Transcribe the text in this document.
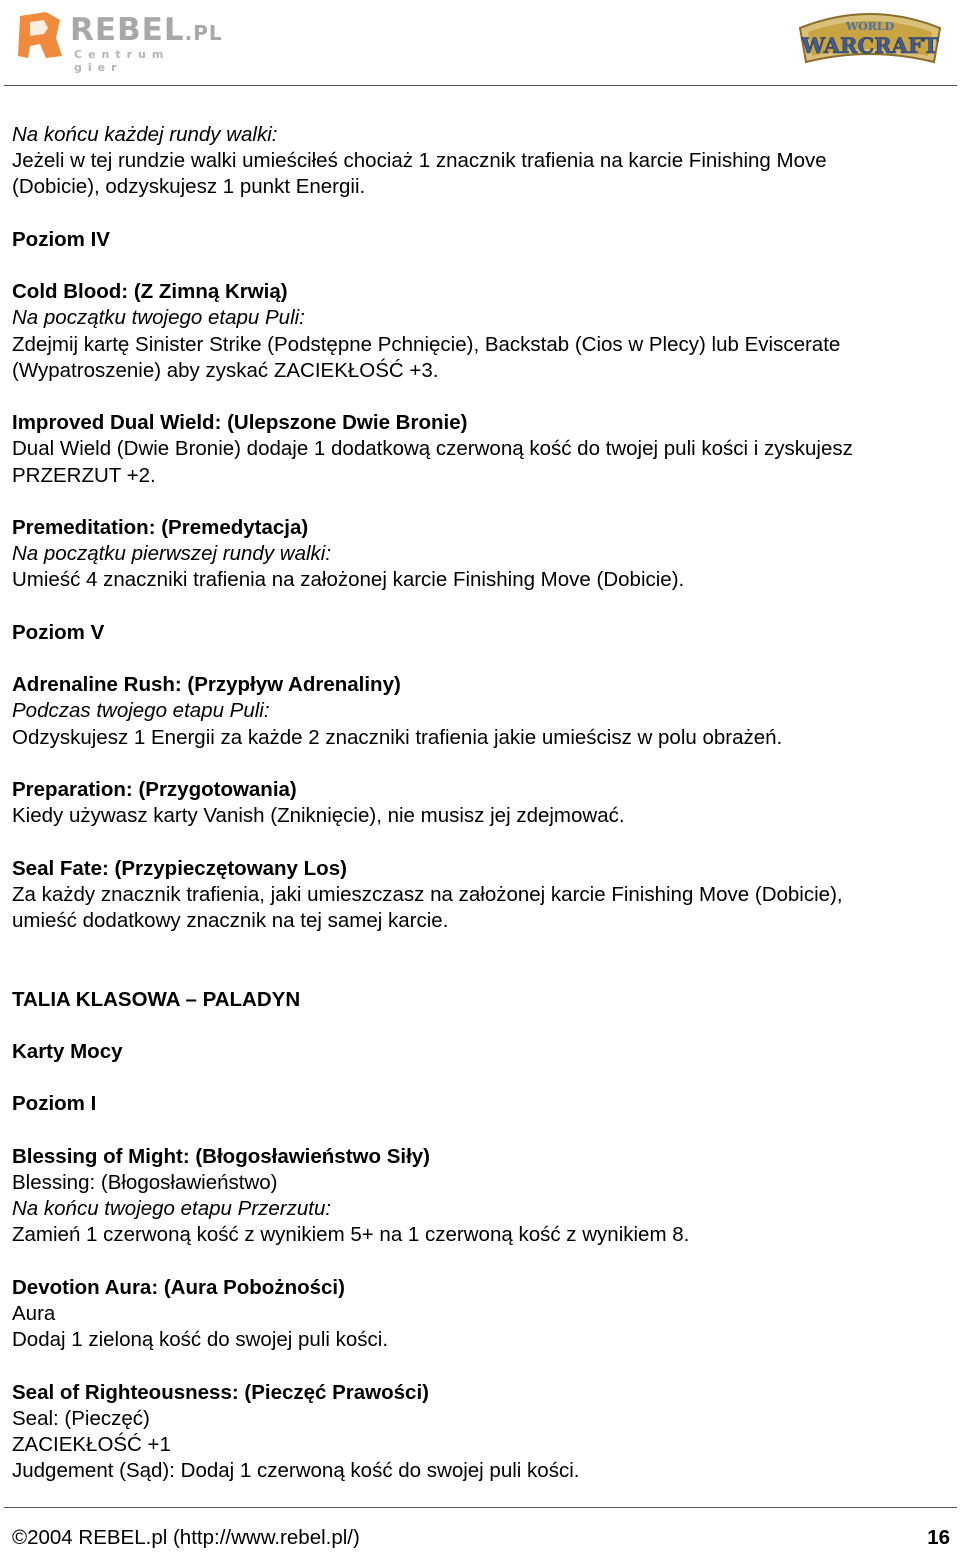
REBEL.PL
Centrum gier
WORLD
WARCRAFT
Na końcu każdej rundy walki:
Jeżeli w tej rundzie walki umieściłeś chociaż 1 znacznik trafienia na karcie Finishing Move
(Dobicie), odzyskujesz 1 punkt Energii.
Poziom IV
Cold Blood: (Z Zimną Krwią)
Na początku twojego etapu Puli:
Zdejmij kartę Sinister Strike (Podstępne Pchnięcie), Backstab (Cios w Plecy) lub Eviscerate
(Wypatroszenie) aby zyskać ZACIEKŁOŚĆ +3.
Improved Dual Wield: (Ulepszone Dwie Bronie)
Dual Wield (Dwie Bronie) dodaje 1 dodatkową czerwoną kość do twojej puli kości i zyskujesz
PRZERZUT +2.
Premeditation: (Premedytacja)
Na początku pierwszej rundy walki:
Umieść 4 znaczniki trafienia na założonej karcie Finishing Move (Dobicie).
Poziom V
Adrenaline Rush: (Przypływ Adrenaliny)
Podczas twojego etapu Puli:
Odzyskujesz 1 Energii za każde 2 znaczniki trafienia jakie umieścisz w polu obrażeń.
Preparation: (Przygotowania)
Kiedy używasz karty Vanish (Zniknięcie), nie musisz jej zdejmować.
Seal Fate: (Przypieczętowany Los)
Za każdy znacznik trafienia, jaki umieszczasz na założonej karcie Finishing Move (Dobicie),
umieść dodatkowy znacznik na tej samej karcie.
TALIA KLASOWA – PALADYN
Karty Mocy
Poziom I
Blessing of Might: (Błogosławieństwo Siły)
Blessing: (Błogosławieństwo)
Na końcu twojego etapu Przerzutu:
Zamień 1 czerwoną kość z wynikiem 5+ na 1 czerwoną kość z wynikiem 8.
Devotion Aura: (Aura Pobożności)
Aura
Dodaj 1 zieloną kość do swojej puli kości.
Seal of Righteousness: (Pieczęć Prawości)
Seal: (Pieczęć)
ZACIEKŁOŚĆ +1
Judgement (Sąd): Dodaj 1 czerwoną kość do swojej puli kości.
©2004 REBEL.pl (http://www.rebel.pl/)	16
